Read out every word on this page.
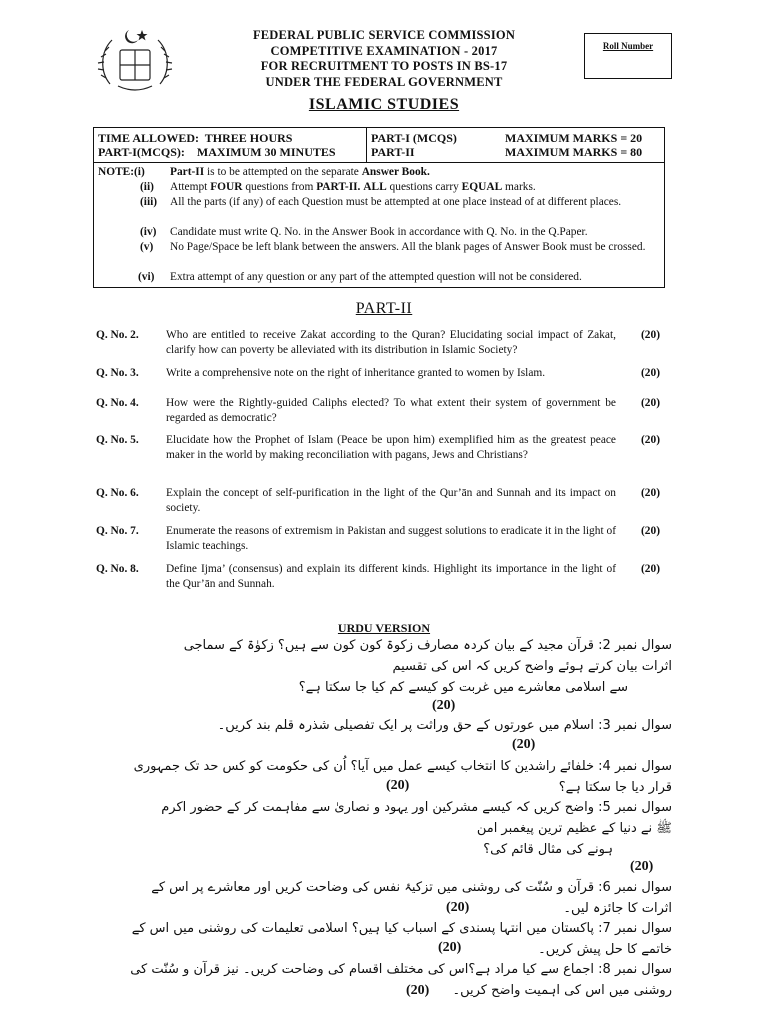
FEDERAL PUBLIC SERVICE COMMISSION
COMPETITIVE EXAMINATION - 2017
FOR RECRUITMENT TO POSTS IN BS-17
UNDER THE FEDERAL GOVERNMENT
Roll Number
ISLAMIC STUDIES
TIME ALLOWED:  THREE HOURS
PART-I(MCQS):    MAXIMUM 30 MINUTES
PART-I (MCQS)
PART-II
MAXIMUM MARKS = 20
MAXIMUM MARKS = 80
NOTE: (i) Part-II is to be attempted on the separate Answer Book.
(ii) Attempt FOUR questions from PART-II. ALL questions carry EQUAL marks.
(iii) All the parts (if any) of each Question must be attempted at one place instead of at different places.
(iv) Candidate must write Q. No. in the Answer Book in accordance with Q. No. in the Q.Paper.
(v) No Page/Space be left blank between the answers. All the blank pages of Answer Book must be crossed.
(vi) Extra attempt of any question or any part of the attempted question will not be considered.
PART-II
Q. No. 2. Who are entitled to receive Zakat according to the Quran? Elucidating social impact of Zakat, clarify how can poverty be alleviated with its distribution in Islamic Society?
(20)
Q. No. 3. Write a comprehensive note on the right of inheritance granted to women by Islam.	(20)
Q. No. 4. How were the Rightly-guided Caliphs elected? To what extent their system of government be regarded as democratic?
(20)
Q. No. 5. Elucidate how the Prophet of Islam (Peace be upon him) exemplified him as the greatest peace maker in the world by making reconciliation with pagans, Jews and Christians?
(20)
Q. No. 6. Explain the concept of self-purification in the light of the Qur’ān and Sunnah and its impact on society.
(20)
Q. No. 7. Enumerate the reasons of extremism in Pakistan and suggest solutions to eradicate it in the light of Islamic teachings.
(20)
Q. No. 8. Define Ijma’ (consensus) and explain its different kinds. Highlight its importance in the light of the Qur’ān and Sunnah.
(20)
URDU VERSION
سوال نمبر 2: قرآن مجید کے بیان کردہ مصارف زکوۃ کون کون سے ہیں؟ زکوٰۃ کے سماجی
اثرات بیان کرتے ہوئے واضح کریں کہ اس کی تقسیم
سے اسلامی معاشرے میں غربت کو کیسے کم کیا جا سکتا ہے؟
(20)
سوال نمبر 3: اسلام میں عورتوں کے حق وراثت پر ایک تفصیلی شذرہ قلم بند کریں۔
(20)
سوال نمبر 4: خلفائے راشدین کا انتخاب کیسے عمل میں آیا؟ اُن کی حکومت کو کس حد تک جمہوری
قرار دیا جا سکتا ہے؟
(20)
سوال نمبر 5: واضح کریں کہ کیسے مشرکین اور یہود و نصاریٰ سے مفاہمت کر کے حضور اکرم
ﷺ نے دنیا کے عظیم ترین پیغمبر امن
ہونے کی مثال قائم کی؟
(20)
سوال نمبر 6: قرآن و سُنّت کی روشنی میں تزکیۂ نفس کی وضاحت کریں اور معاشرے پر اس کے
اثرات کا جائزہ لیں۔
(20)
سوال نمبر 7: پاکستان میں انتہا پسندی کے اسباب کیا ہیں؟ اسلامی تعلیمات کی روشنی میں اس کے
خاتمے کا حل پیش کریں۔
(20)
سوال نمبر 8: اجماع سے کیا مراد ہے؟اس کی مختلف اقسام کی وضاحت کریں۔ نیز قرآن و سُنّت کی
روشنی میں اس کی اہمیت واضح کریں۔
(20)
